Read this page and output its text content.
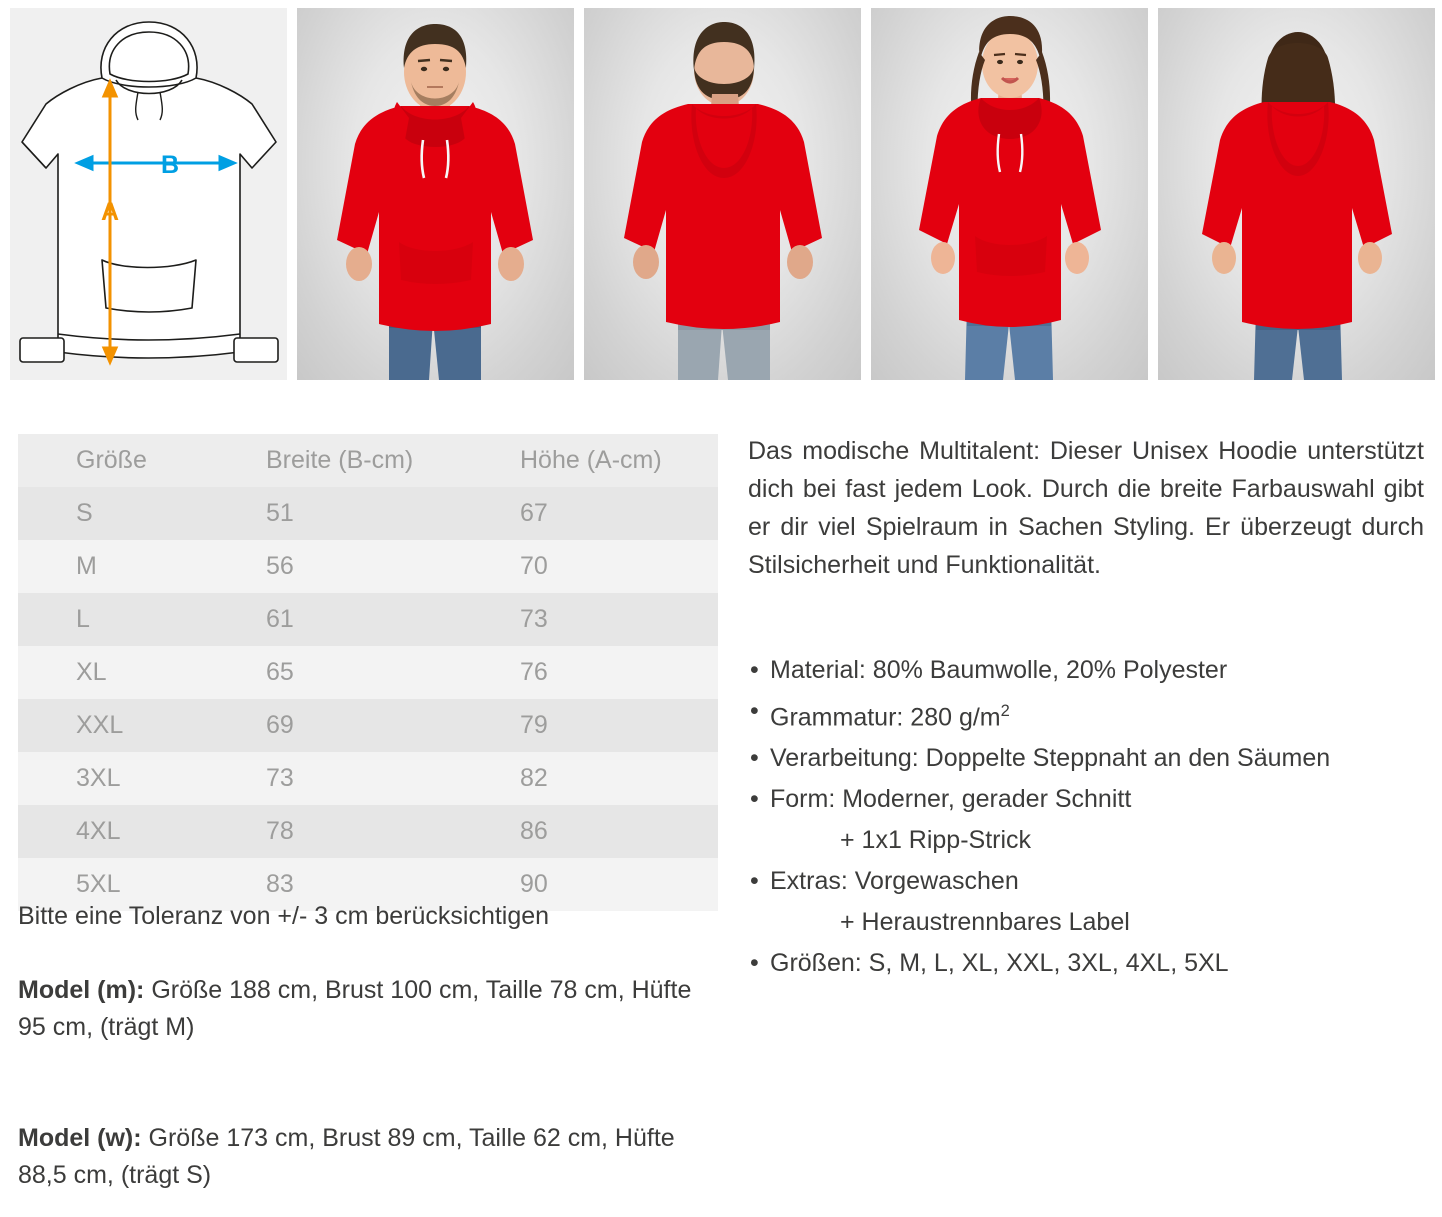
B
A
Größe	Breite (B-cm)	Höhe (A-cm)
S	51	67
M	56	70
L	61	73
XL	65	76
XXL	69	79
3XL	73	82
4XL	78	86
5XL	83	90
Bitte eine Toleranz von +/- 3 cm berücksichtigen
Model (m): Größe 188 cm, Brust 100 cm, Taille 78 cm, Hüfte 95 cm, (trägt M)
Model (w): Größe 173 cm, Brust 89 cm, Taille 62 cm, Hüfte 88,5 cm, (trägt S)
Das modische Multitalent: Dieser Unisex Hoodie unterstützt dich bei fast jedem Look. Durch die breite Farbauswahl gibt er dir viel Spielraum in Sachen Styling. Er überzeugt durch Stilsicherheit und Funktionalität.
• Material: 80% Baumwolle, 20% Polyester
• Grammatur: 280 $g/m^2$
• Verarbeitung: Doppelte Steppnaht an den Säumen
• Form: Moderner, gerader Schnitt
+ 1x1 Ripp-Strick
• Extras: Vorgewaschen
+ Heraustrennbares Label
• Größen: S, M, L, XL, XXL, 3XL, 4XL, 5XL
